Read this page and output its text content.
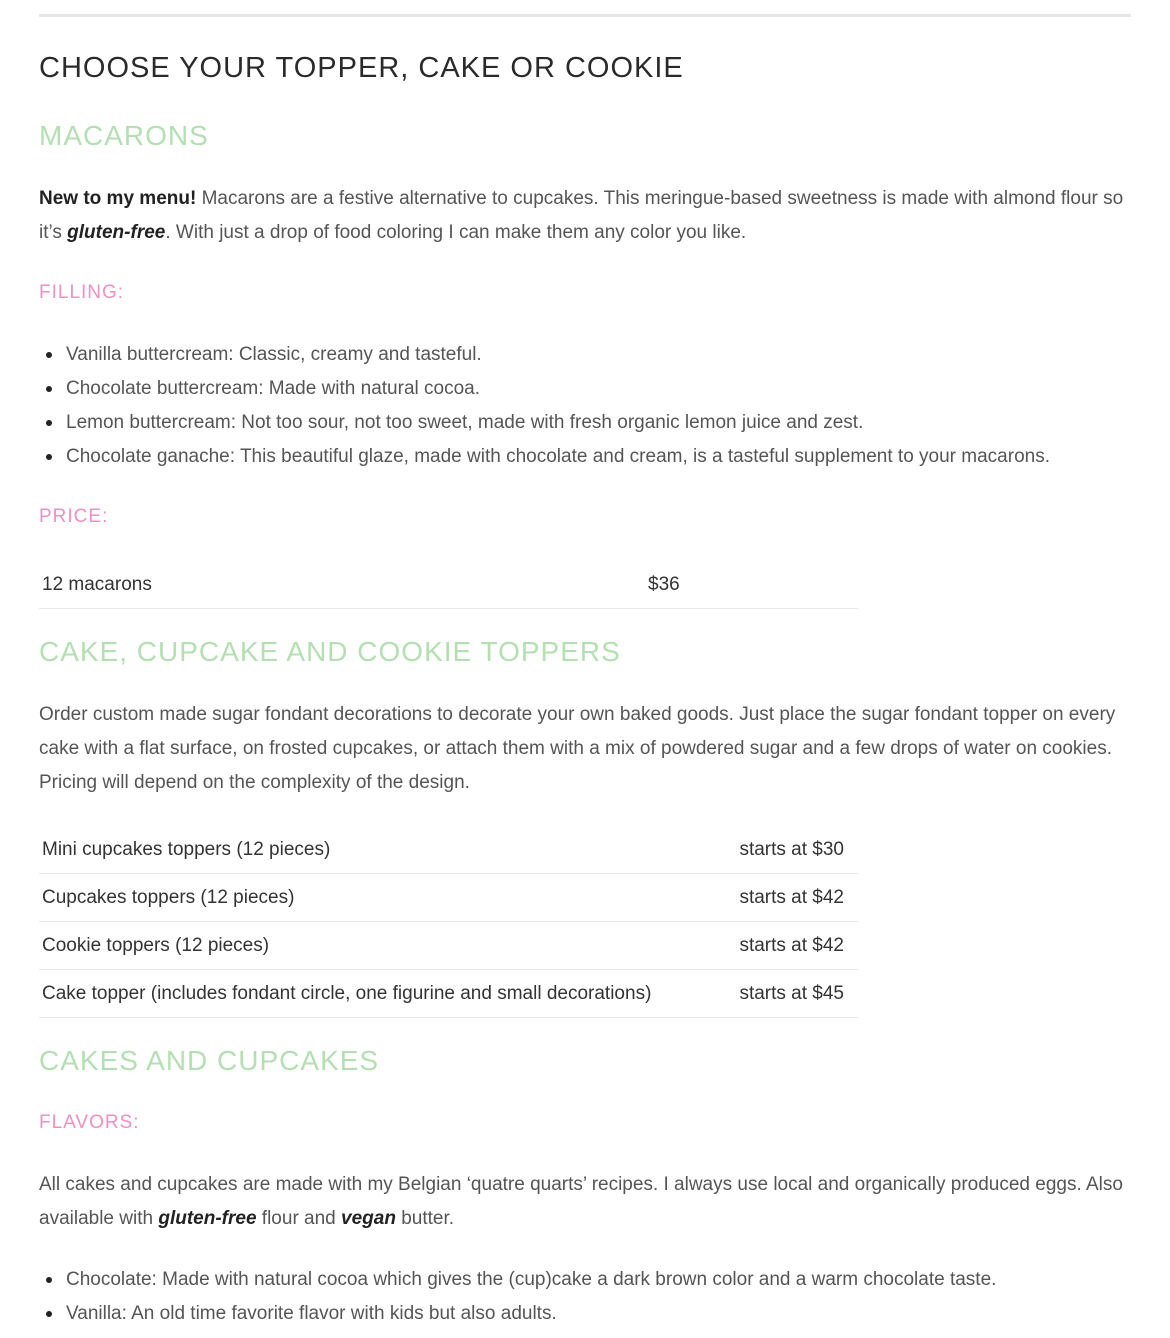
CHOOSE YOUR TOPPER, CAKE OR COOKIE
MACARONS

New to my menu! Macarons are a festive alternative to cupcakes. This meringue-based sweetness is made with almond flour so it’s gluten-free. With just a drop of food coloring I can make them any color you like.

FILLING:
Vanilla buttercream: Classic, creamy and tasteful.
Chocolate buttercream: Made with natural cocoa.
Lemon buttercream: Not too sour, not too sweet, made with fresh organic lemon juice and zest.
Chocolate ganache: This beautiful glaze, made with chocolate and cream, is a tasteful supplement to your macarons.
PRICE:
12 macarons	$36
CAKE, CUPCAKE AND COOKIE TOPPERS

Order custom made sugar fondant decorations to decorate your own baked goods. Just place the sugar fondant topper on every cake with a flat surface, on frosted cupcakes, or attach them with a mix of powdered sugar and a few drops of water on cookies. Pricing will depend on the complexity of the design.

Mini cupcakes toppers (12 pieces)	starts at $30
Cupcakes toppers (12 pieces)	starts at $42
Cookie toppers (12 pieces)	starts at $42
Cake topper (includes fondant circle, one figurine and small decorations)	starts at $45
CAKES AND CUPCAKES
FLAVORS:

All cakes and cupcakes are made with my Belgian ‘quatre quarts’ recipes. I always use local and organically produced eggs. Also available with gluten-free flour and vegan butter.

Chocolate: Made with natural cocoa which gives the (cup)cake a dark brown color and a warm chocolate taste.
Vanilla: An old time favorite flavor with kids but also adults.
